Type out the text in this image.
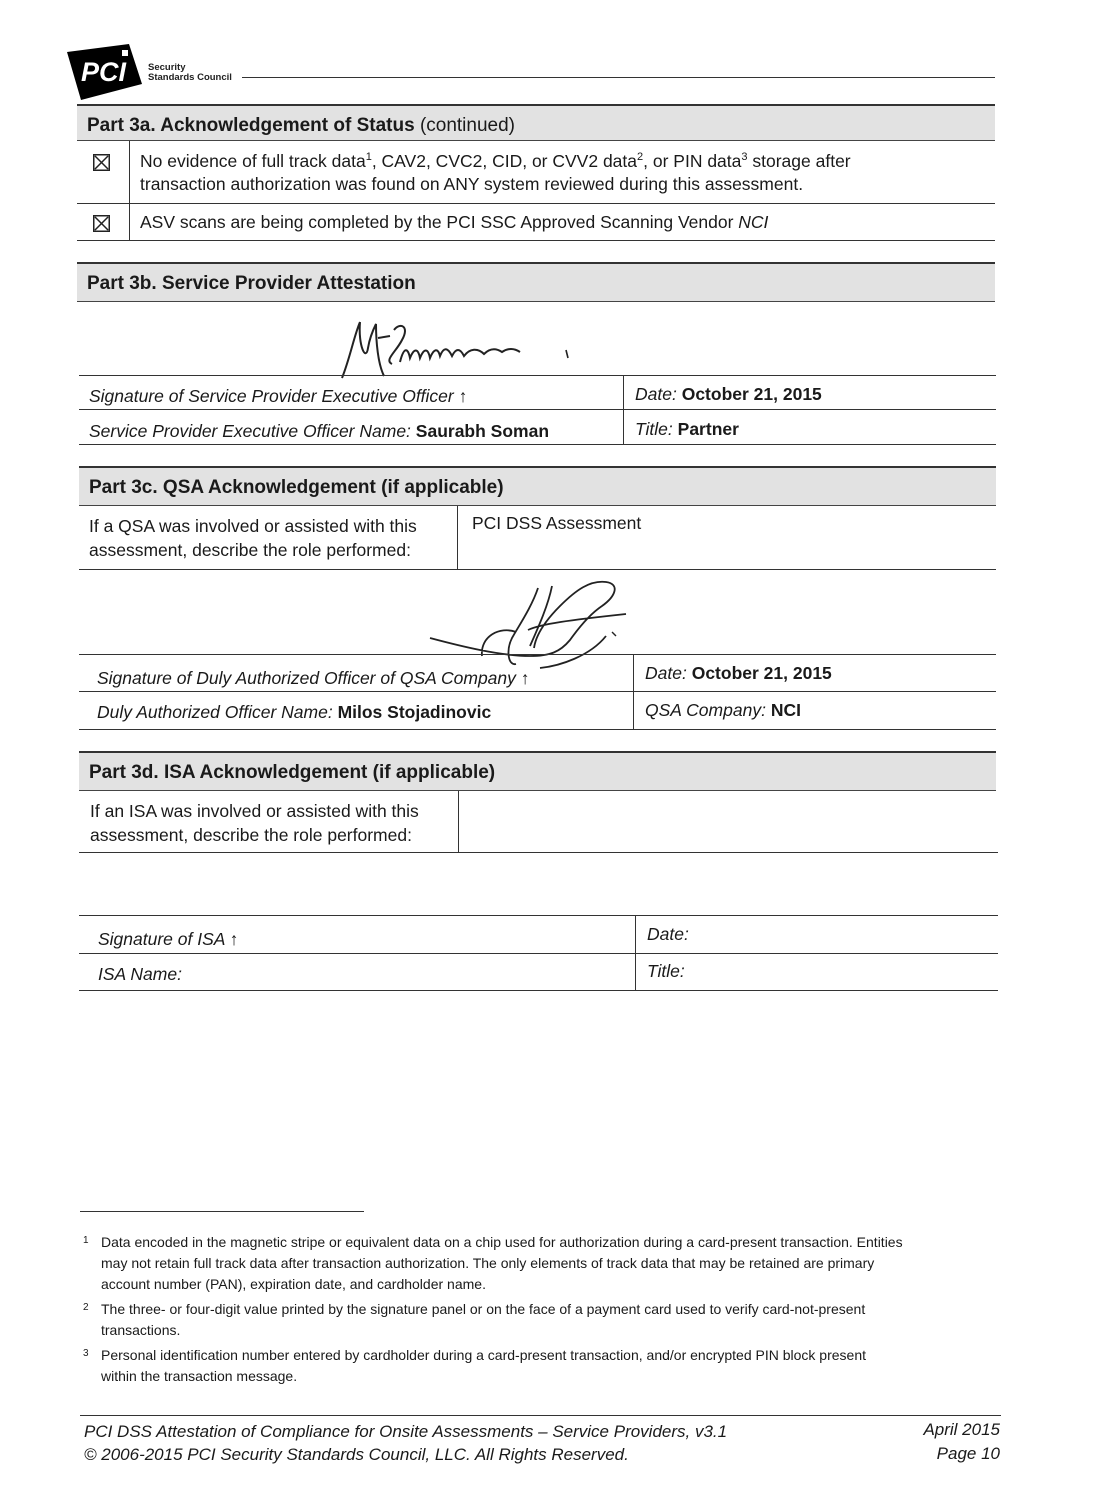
PCI Security
Standards Council
Part 3a. Acknowledgement of Status (continued)
No evidence of full track data$^1$, CAV2, CVC2, CID, or CVV2 data$^2$, or PIN data$^3$ storage after
transaction authorization was found on ANY system reviewed during this assessment.
ASV scans are being completed by the PCI SSC Approved Scanning Vendor NCI
Part 3b. Service Provider Attestation
Signature of Service Provider Executive Officer ↑	Date: October 21, 2015
Service Provider Executive Officer Name: Saurabh Soman	Title: Partner
Part 3c. QSA Acknowledgement (if applicable)
If a QSA was involved or assisted with this
assessment, describe the role performed:
PCI DSS Assessment
Signature of Duly Authorized Officer of QSA Company ↑	Date: October 21, 2015
Duly Authorized Officer Name: Milos Stojadinovic	QSA Company: NCI
Part 3d. ISA Acknowledgement (if applicable)
If an ISA was involved or assisted with this
assessment, describe the role performed:
Signature of ISA ↑	Date:
ISA Name:	Title:
1 Data encoded in the magnetic stripe or equivalent data on a chip used for authorization during a card-present transaction. Entities
may not retain full track data after transaction authorization. The only elements of track data that may be retained are primary
account number (PAN), expiration date, and cardholder name.
2 The three- or four-digit value printed by the signature panel or on the face of a payment card used to verify card-not-present
transactions.
3 Personal identification number entered by cardholder during a card-present transaction, and/or encrypted PIN block present
within the transaction message.
PCI DSS Attestation of Compliance for Onsite Assessments – Service Providers, v3.1
© 2006-2015 PCI Security Standards Council, LLC. All Rights Reserved.
April 2015
Page 10
